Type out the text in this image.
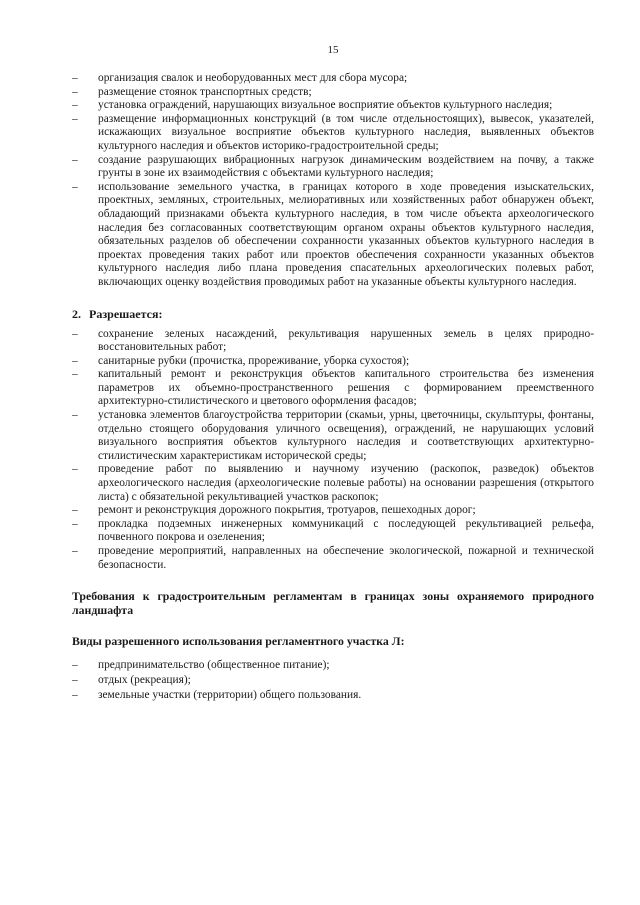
15
– организация свалок и необорудованных мест для сбора мусора;
– размещение стоянок транспортных средств;
– установка ограждений, нарушающих визуальное восприятие объектов культурного наследия;
– размещение информационных конструкций (в том числе отдельностоящих), вывесок, указателей, искажающих визуальное восприятие объектов культурного наследия, выявленных объектов культурного наследия и объектов историко-градостроительной среды;
– создание разрушающих вибрационных нагрузок динамическим воздействием на почву, а также грунты в зоне их взаимодействия с объектами культурного наследия;
– использование земельного участка, в границах которого в ходе проведения изыскательских, проектных, земляных, строительных, мелиоративных или хозяйственных работ обнаружен объект, обладающий признаками объекта культурного наследия, в том числе объекта археологического наследия без согласованных соответствующим органом охраны объектов культурного наследия, обязательных разделов об обеспечении сохранности указанных объектов культурного наследия в проектах проведения таких работ или проектов обеспечения сохранности указанных объектов культурного наследия либо плана проведения спасательных археологических полевых работ, включающих оценку воздействия проводимых работ на указанные объекты культурного наследия.
2. Разрешается:
– сохранение зеленых насаждений, рекультивация нарушенных земель в целях природно-восстановительных работ;
– санитарные рубки (прочистка, прореживание, уборка сухостоя);
– капитальный ремонт и реконструкция объектов капитального строительства без изменения параметров их объемно-пространственного решения с формированием преемственного архитектурно-стилистического и цветового оформления фасадов;
– установка элементов благоустройства территории (скамьи, урны, цветочницы, скульптуры, фонтаны, отдельно стоящего оборудования уличного освещения), ограждений, не нарушающих условий визуального восприятия объектов культурного наследия и соответствующих архитектурно-стилистическим характеристикам исторической среды;
– проведение работ по выявлению и научному изучению (раскопок, разведок) объектов археологического наследия (археологические полевые работы) на основании разрешения (открытого листа) с обязательной рекультивацией участков раскопок;
– ремонт и реконструкция дорожного покрытия, тротуаров, пешеходных дорог;
– прокладка подземных инженерных коммуникаций с последующей рекультивацией рельефа, почвенного покрова и озеленения;
– проведение мероприятий, направленных на обеспечение экологической, пожарной и технической безопасности.
Требования к градостроительным регламентам в границах зоны охраняемого природного ландшафта
Виды разрешенного использования регламентного участка Л:
– предпринимательство (общественное питание);
– отдых (рекреация);
– земельные участки (территории) общего пользования.
